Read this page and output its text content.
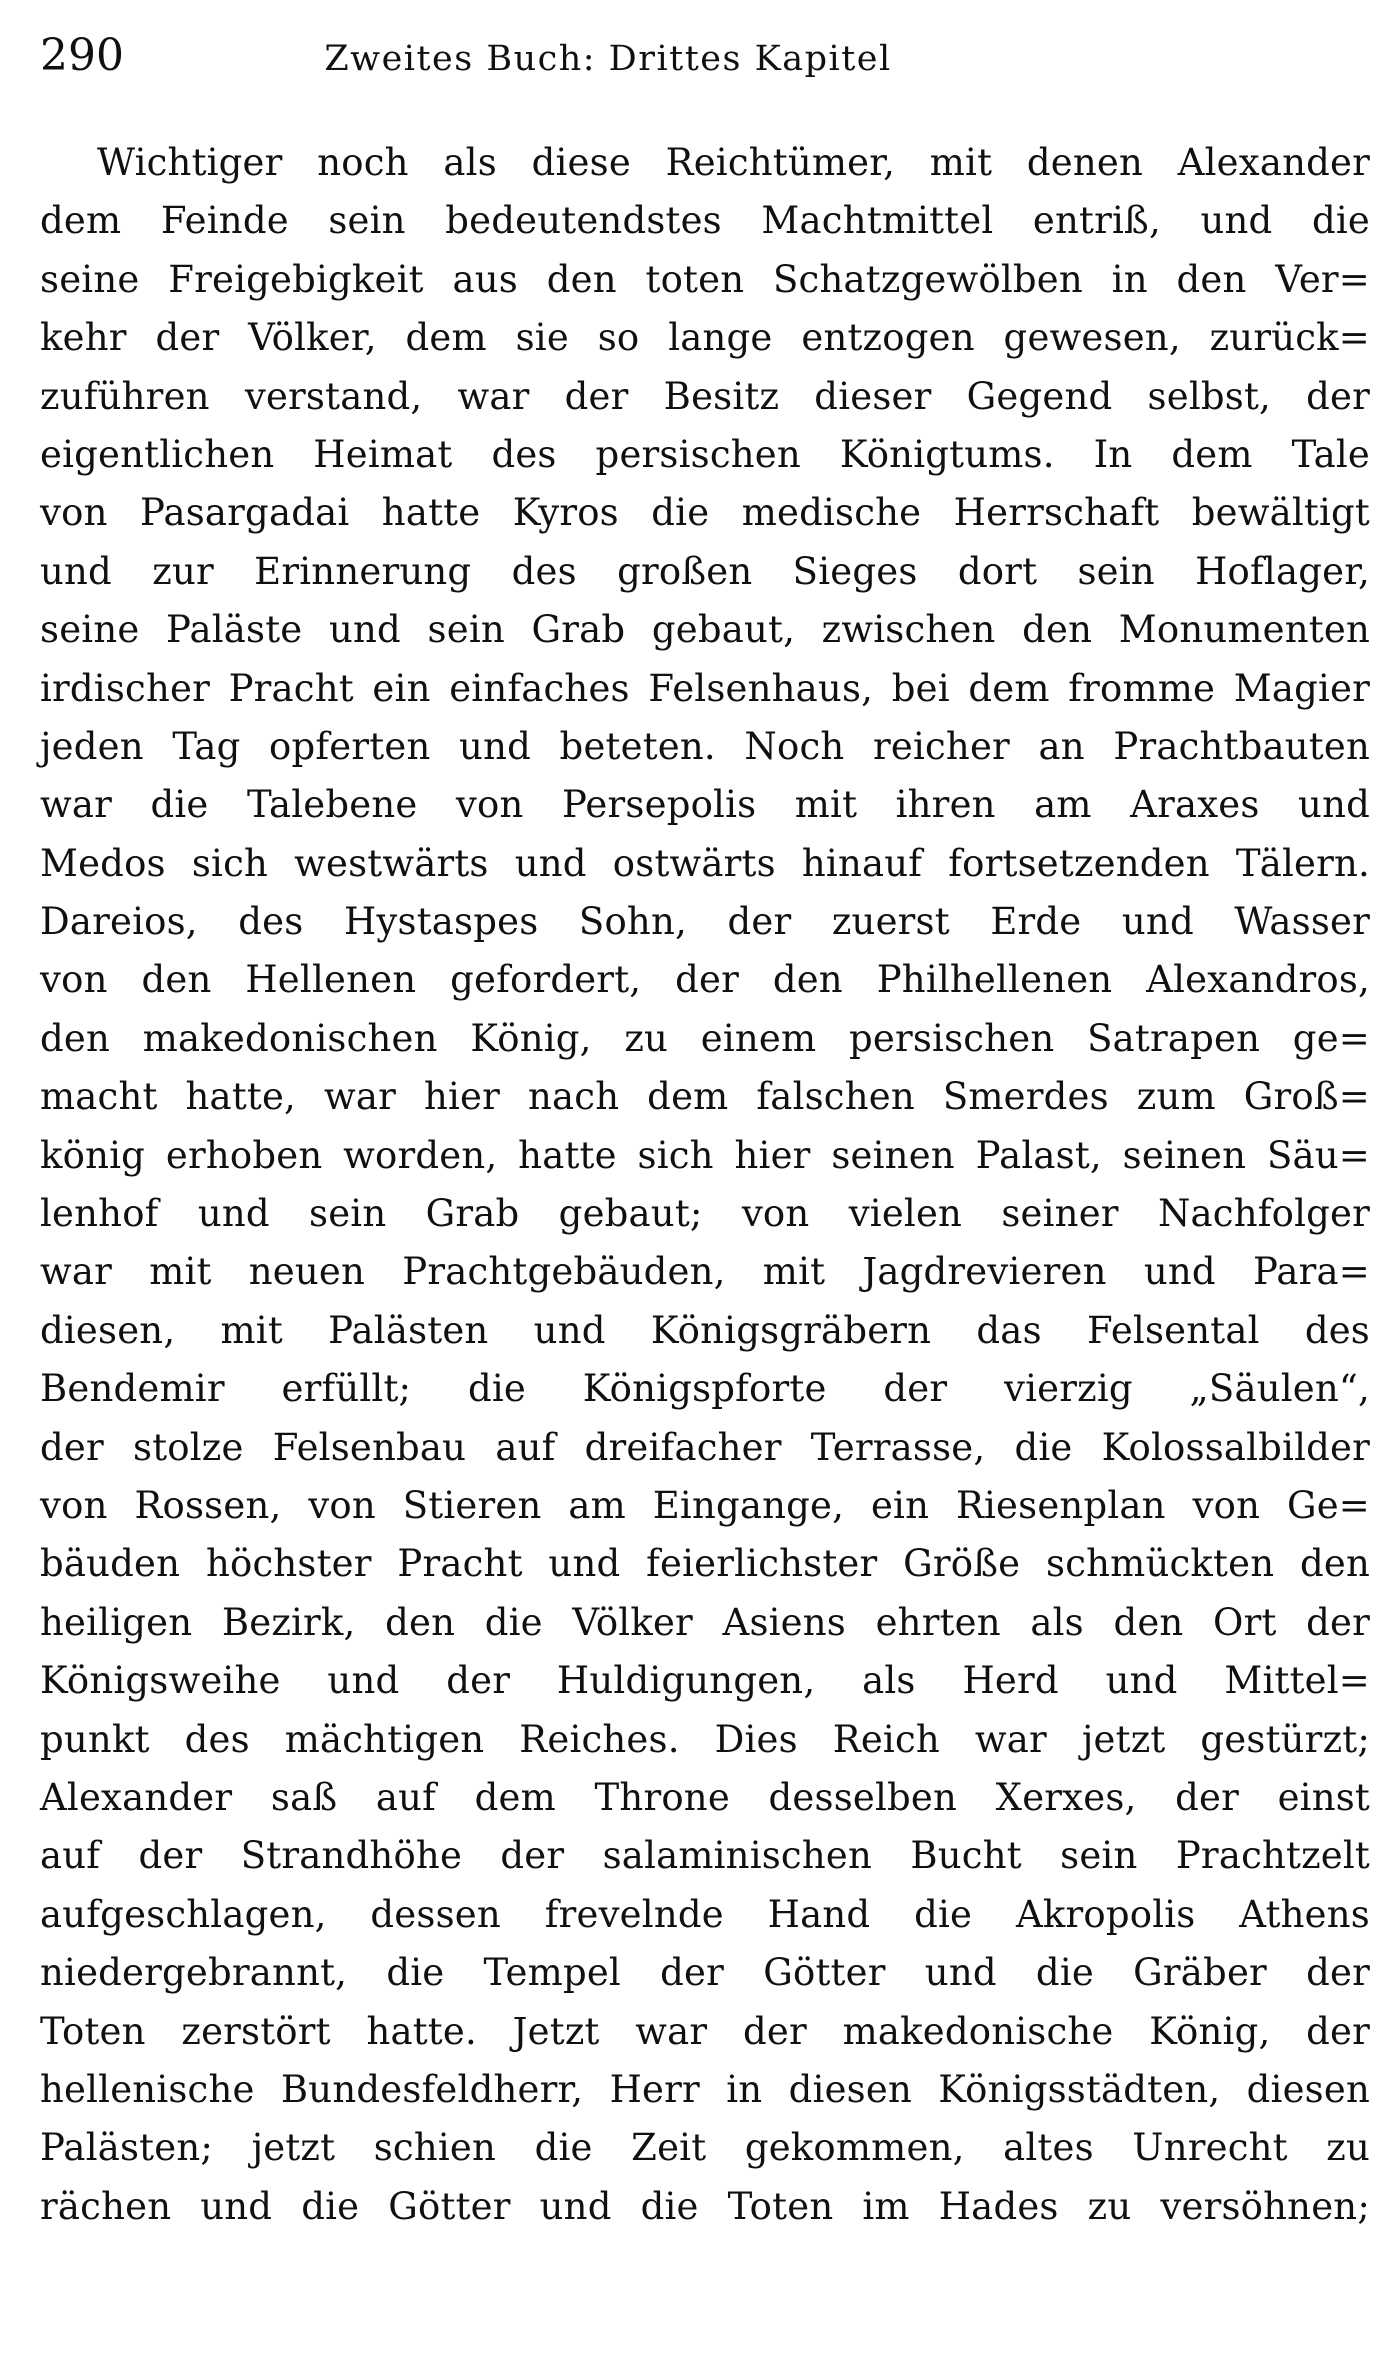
290	Zweites Buch: Drittes Kapitel
Wichtiger noch als diese Reichtümer, mit denen Alexander
dem Feinde sein bedeutendstes Machtmittel entriß, und die
seine Freigebigkeit aus den toten Schatzgewölben in den Ver=
kehr der Völker, dem sie so lange entzogen gewesen, zurück=
zuführen verstand, war der Besitz dieser Gegend selbst, der
eigentlichen Heimat des persischen Königtums. In dem Tale
von Pasargadai hatte Kyros die medische Herrschaft bewältigt
und zur Erinnerung des großen Sieges dort sein Hoflager,
seine Paläste und sein Grab gebaut, zwischen den Monumenten
irdischer Pracht ein einfaches Felsenhaus, bei dem fromme Magier
jeden Tag opferten und beteten. Noch reicher an Prachtbauten
war die Talebene von Persepolis mit ihren am Araxes und
Medos sich westwärts und ostwärts hinauf fortsetzenden Tälern.
Dareios, des Hystaspes Sohn, der zuerst Erde und Wasser
von den Hellenen gefordert, der den Philhellenen Alexandros,
den makedonischen König, zu einem persischen Satrapen ge=
macht hatte, war hier nach dem falschen Smerdes zum Groß=
könig erhoben worden, hatte sich hier seinen Palast, seinen Säu=
lenhof und sein Grab gebaut; von vielen seiner Nachfolger
war mit neuen Prachtgebäuden, mit Jagdrevieren und Para=
diesen, mit Palästen und Königsgräbern das Felsental des
Bendemir erfüllt; die Königspforte der vierzig „Säulen“,
der stolze Felsenbau auf dreifacher Terrasse, die Kolossalbilder
von Rossen, von Stieren am Eingange, ein Riesenplan von Ge=
bäuden höchster Pracht und feierlichster Größe schmückten den
heiligen Bezirk, den die Völker Asiens ehrten als den Ort der
Königsweihe und der Huldigungen, als Herd und Mittel=
punkt des mächtigen Reiches. Dies Reich war jetzt gestürzt;
Alexander saß auf dem Throne desselben Xerxes, der einst
auf der Strandhöhe der salaminischen Bucht sein Prachtzelt
aufgeschlagen, dessen frevelnde Hand die Akropolis Athens
niedergebrannt, die Tempel der Götter und die Gräber der
Toten zerstört hatte. Jetzt war der makedonische König, der
hellenische Bundesfeldherr, Herr in diesen Königsstädten, diesen
Palästen; jetzt schien die Zeit gekommen, altes Unrecht zu
rächen und die Götter und die Toten im Hades zu versöhnen;
